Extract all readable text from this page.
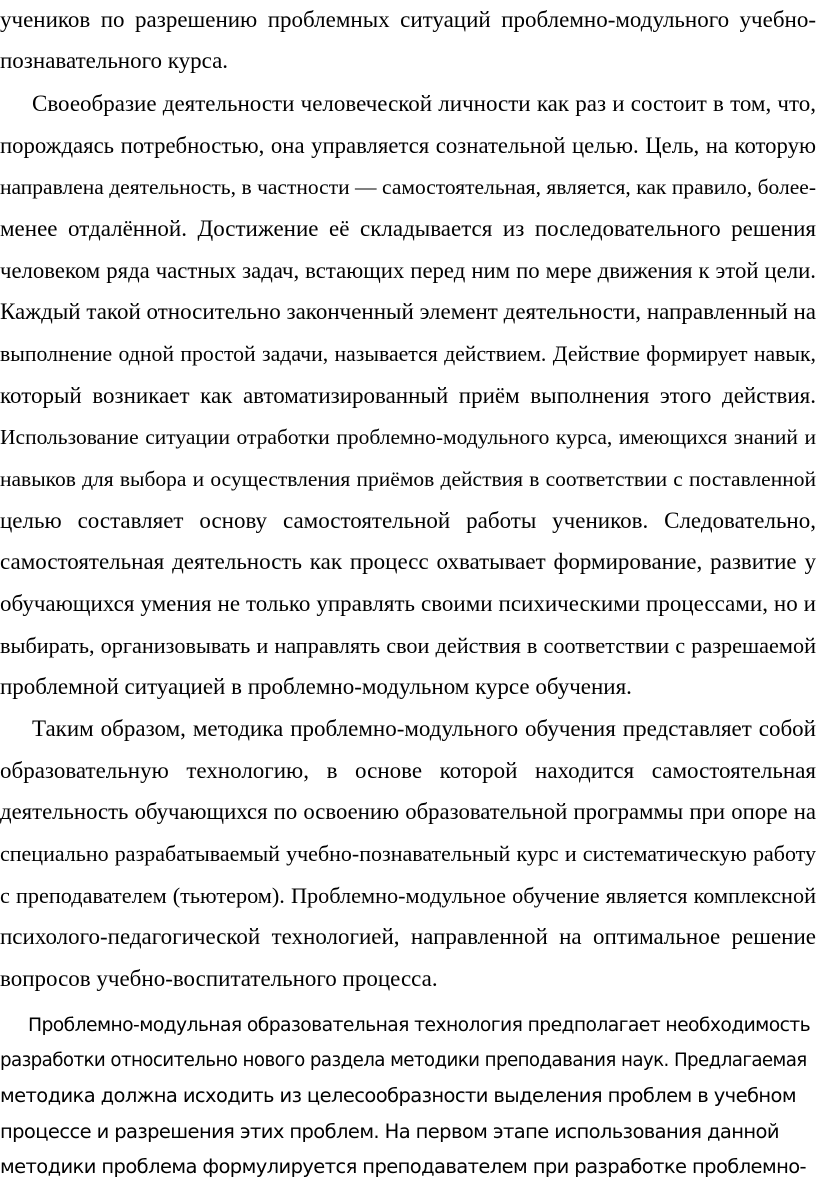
учеников по разрешению проблемных ситуаций проблемно-модульного учебно-
познавательного курса.
Своеобразие деятельности человеческой личности как раз и состоит в том, что,
порождаясь потребностью, она управляется сознательной целью. Цель, на которую
направлена деятельность, в частности — самостоятельная, является, как правило, более-
менее отдалённой. Достижение её складывается из последовательного решения
человеком ряда частных задач, встающих перед ним по мере движения к этой цели.
Каждый такой относительно законченный элемент деятельности, направленный на
выполнение одной простой задачи, называется действием. Действие формирует навык,
который возникает как автоматизированный приём выполнения этого действия.
Использование ситуации отработки проблемно-модульного курса, имеющихся знаний и
навыков для выбора и осуществления приёмов действия в соответствии с поставленной
целью составляет основу самостоятельной работы учеников. Следовательно,
самостоятельная деятельность как процесс охватывает формирование, развитие у
обучающихся умения не только управлять своими психическими процессами, но и
выбирать, организовывать и направлять свои действия в соответствии с разрешаемой
проблемной ситуацией в проблемно-модульном курсе обучения.
Таким образом, методика проблемно-модульного обучения представляет собой
образовательную технологию, в основе которой находится самостоятельная
деятельность обучающихся по освоению образовательной программы при опоре на
специально разрабатываемый учебно-познавательный курс и систематическую работу
с преподавателем (тьютером). Проблемно-модульное обучение является комплексной
психолого-педагогической технологией, направленной на оптимальное решение
вопросов учебно-воспитательного процесса.
Проблемно-модульная образовательная технология предполагает необходимость
разработки относительно нового раздела методики преподавания наук. Предлагаемая
методика должна исходить из целесообразности выделения проблем в учебном
процессе и разрешения этих проблем. На первом этапе использования данной
методики проблема формулируется преподавателем при разработке проблемно-
